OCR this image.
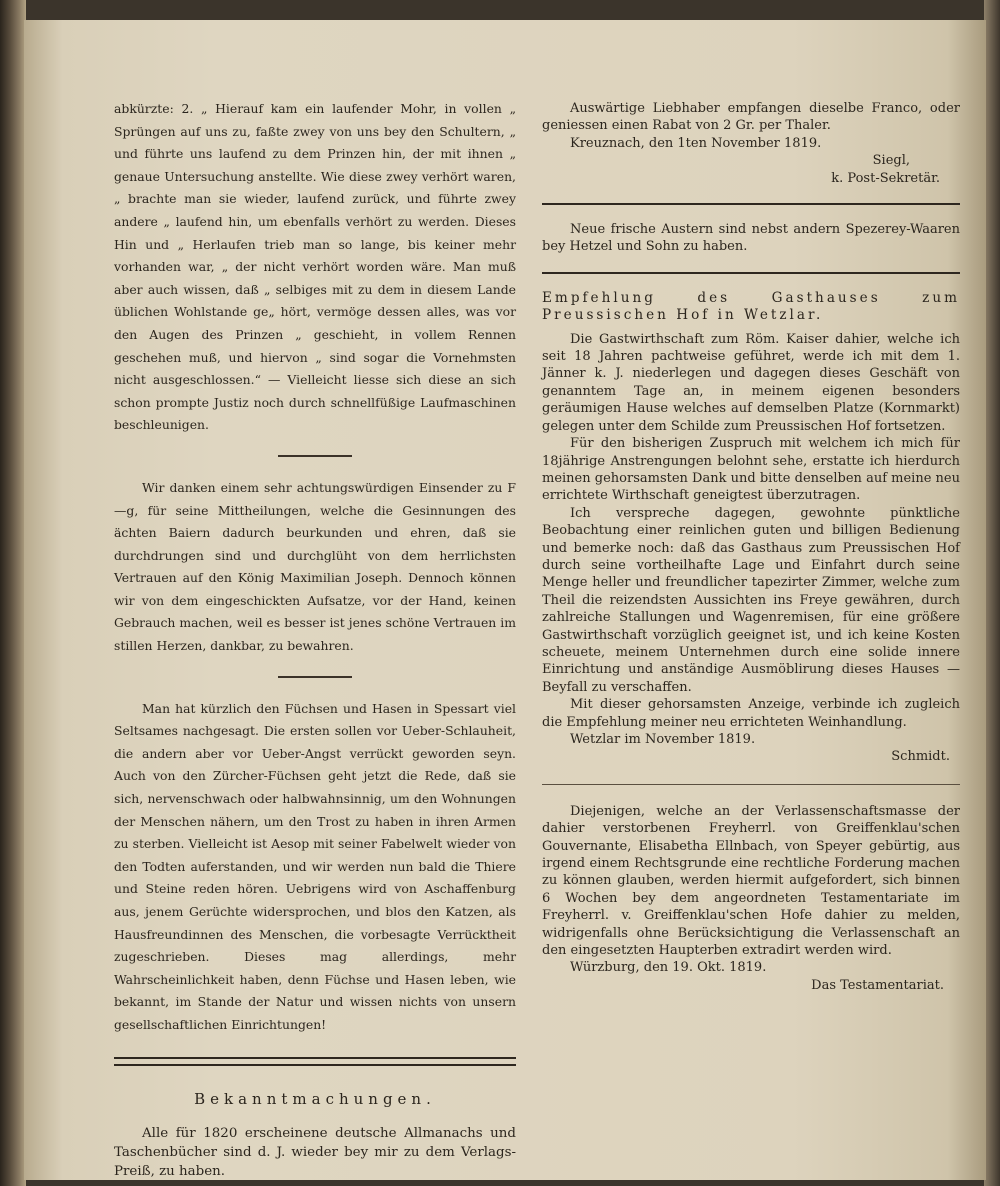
abkürzte: 2. „ Hierauf kam ein laufender Mohr, in vollen „ Sprüngen auf uns zu, faßte zwey von uns bey den Schultern, „ und führte uns laufend zu dem Prinzen hin, der mit ihnen „ genaue Untersuchung anstellte. Wie diese zwey verhört waren, „ brachte man sie wieder, laufend zurück, und führte zwey andere „ laufend hin, um ebenfalls verhört zu werden. Dieses Hin und „ Herlaufen trieb man so lange, bis keiner mehr vorhanden war, „ der nicht verhört worden wäre. Man muß aber auch wissen, daß „ selbiges mit zu dem in diesem Lande üblichen Wohlstande ge„ hört, vermöge dessen alles, was vor den Augen des Prinzen „ geschieht, in vollem Rennen geschehen muß, und hiervon „ sind sogar die Vornehmsten nicht ausgeschlossen.“ — Vielleicht liesse sich diese an sich schon prompte Justiz noch durch schnellfüßige Laufmaschinen beschleunigen.

Wir danken einem sehr achtungswürdigen Einsender zu F—g, für seine Mittheilungen, welche die Gesinnungen des ächten Baiern dadurch beurkunden und ehren, daß sie durchdrungen sind und durchglüht von dem herrlichsten Vertrauen auf den König Maximilian Joseph. Dennoch können wir von dem eingeschickten Aufsatze, vor der Hand, keinen Gebrauch machen, weil es besser ist jenes schöne Vertrauen im stillen Herzen, dankbar, zu bewahren.

Man hat kürzlich den Füchsen und Hasen in Spessart viel Seltsames nachgesagt. Die ersten sollen vor Ueber-Schlauheit, die andern aber vor Ueber-Angst verrückt geworden seyn. Auch von den Zürcher-Füchsen geht jetzt die Rede, daß sie sich, nervenschwach oder halbwahnsinnig, um den Wohnungen der Menschen nähern, um den Trost zu haben in ihren Armen zu sterben. Vielleicht ist Aesop mit seiner Fabelwelt wieder von den Todten auferstanden, und wir werden nun bald die Thiere und Steine reden hören. Uebrigens wird von Aschaffenburg aus, jenem Gerüchte widersprochen, und blos den Katzen, als Hausfreundinnen des Menschen, die vorbesagte Verrücktheit zugeschrieben. Dieses mag allerdings, mehr Wahrscheinlichkeit haben, denn Füchse und Hasen leben, wie bekannt, im Stande der Natur und wissen nichts von unsern gesellschaftlichen Einrichtungen!

Bekanntmachungen.

Alle für 1820 erscheinene deutsche Allmanachs und Taschenbücher sind d. J. wieder bey mir zu dem Verlags-Preiß, zu haben.

Auswärtige Liebhaber empfangen dieselbe Franco, oder geniessen einen Rabat von 2 Gr. per Thaler.

Kreuznach, den 1ten November 1819.

Siegl,

k. Post-Sekretär.

Neue frische Austern sind nebst andern Spezerey-Waaren bey Hetzel und Sohn zu haben.

Empfehlung des Gasthauses zum Preussischen Hof in Wetzlar.

Die Gastwirthschaft zum Röm. Kaiser dahier, welche ich seit 18 Jahren pachtweise geführet, werde ich mit dem 1. Jänner k. J. niederlegen und dagegen dieses Geschäft von genanntem Tage an, in meinem eigenen besonders geräumigen Hause welches auf demselben Platze (Kornmarkt) gelegen unter dem Schilde zum Preussischen Hof fortsetzen.

Für den bisherigen Zuspruch mit welchem ich mich für 18jährige Anstrengungen belohnt sehe, erstatte ich hierdurch meinen gehorsamsten Dank und bitte denselben auf meine neu errichtete Wirthschaft geneigtest überzutragen.

Ich verspreche dagegen, gewohnte pünktliche Beobachtung einer reinlichen guten und billigen Bedienung und bemerke noch: daß das Gasthaus zum Preussischen Hof durch seine vortheilhafte Lage und Einfahrt durch seine Menge heller und freundlicher tapezirter Zimmer, welche zum Theil die reizendsten Aussichten ins Freye gewähren, durch zahlreiche Stallungen und Wagenremisen, für eine größere Gastwirthschaft vorzüglich geeignet ist, und ich keine Kosten scheuete, meinem Unternehmen durch eine solide innere Einrichtung und anständige Ausmöblirung dieses Hauses — Beyfall zu verschaffen.

Mit dieser gehorsamsten Anzeige, verbinde ich zugleich die Empfehlung meiner neu errichteten Weinhandlung.

Wetzlar im November 1819.

Schmidt.

Diejenigen, welche an der Verlassenschaftsmasse der dahier verstorbenen Freyherrl. von Greiffenklau'schen Gouvernante, Elisabetha Ellnbach, von Speyer gebürtig, aus irgend einem Rechtsgrunde eine rechtliche Forderung machen zu können glauben, werden hiermit aufgefordert, sich binnen 6 Wochen bey dem angeordneten Testamentariate im Freyherrl. v. Greiffenklau'schen Hofe dahier zu melden, widrigenfalls ohne Berücksichtigung die Verlassenschaft an den eingesetzten Haupterben extradirt werden wird.

Würzburg, den 19. Okt. 1819.

Das Testamentariat.
